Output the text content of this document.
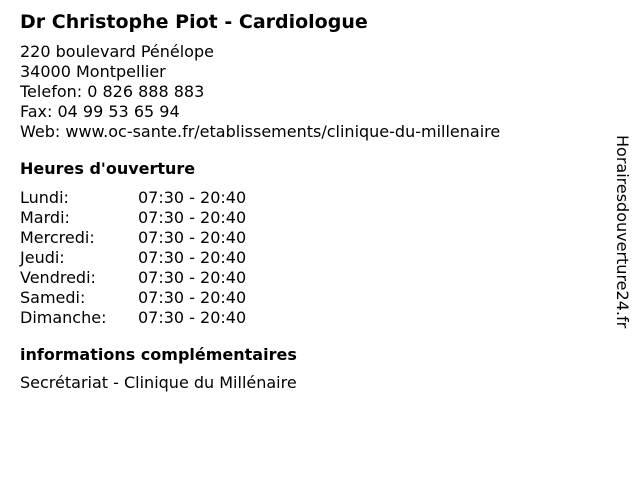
Dr Christophe Piot - Cardiologue
220 boulevard Pénélope
34000 Montpellier
Telefon: 0 826 888 883
Fax: 04 99 53 65 94
Web: www.oc-sante.fr/etablissements/clinique-du-millenaire
Heures d'ouverture
Lundi:	07:30 - 20:40
Mardi:	07:30 - 20:40
Mercredi:	07:30 - 20:40
Jeudi:	07:30 - 20:40
Vendredi:	07:30 - 20:40
Samedi:	07:30 - 20:40
Dimanche:	07:30 - 20:40
informations complémentaires
Secrétariat - Clinique du Millénaire
Horairesdouverture24.fr
